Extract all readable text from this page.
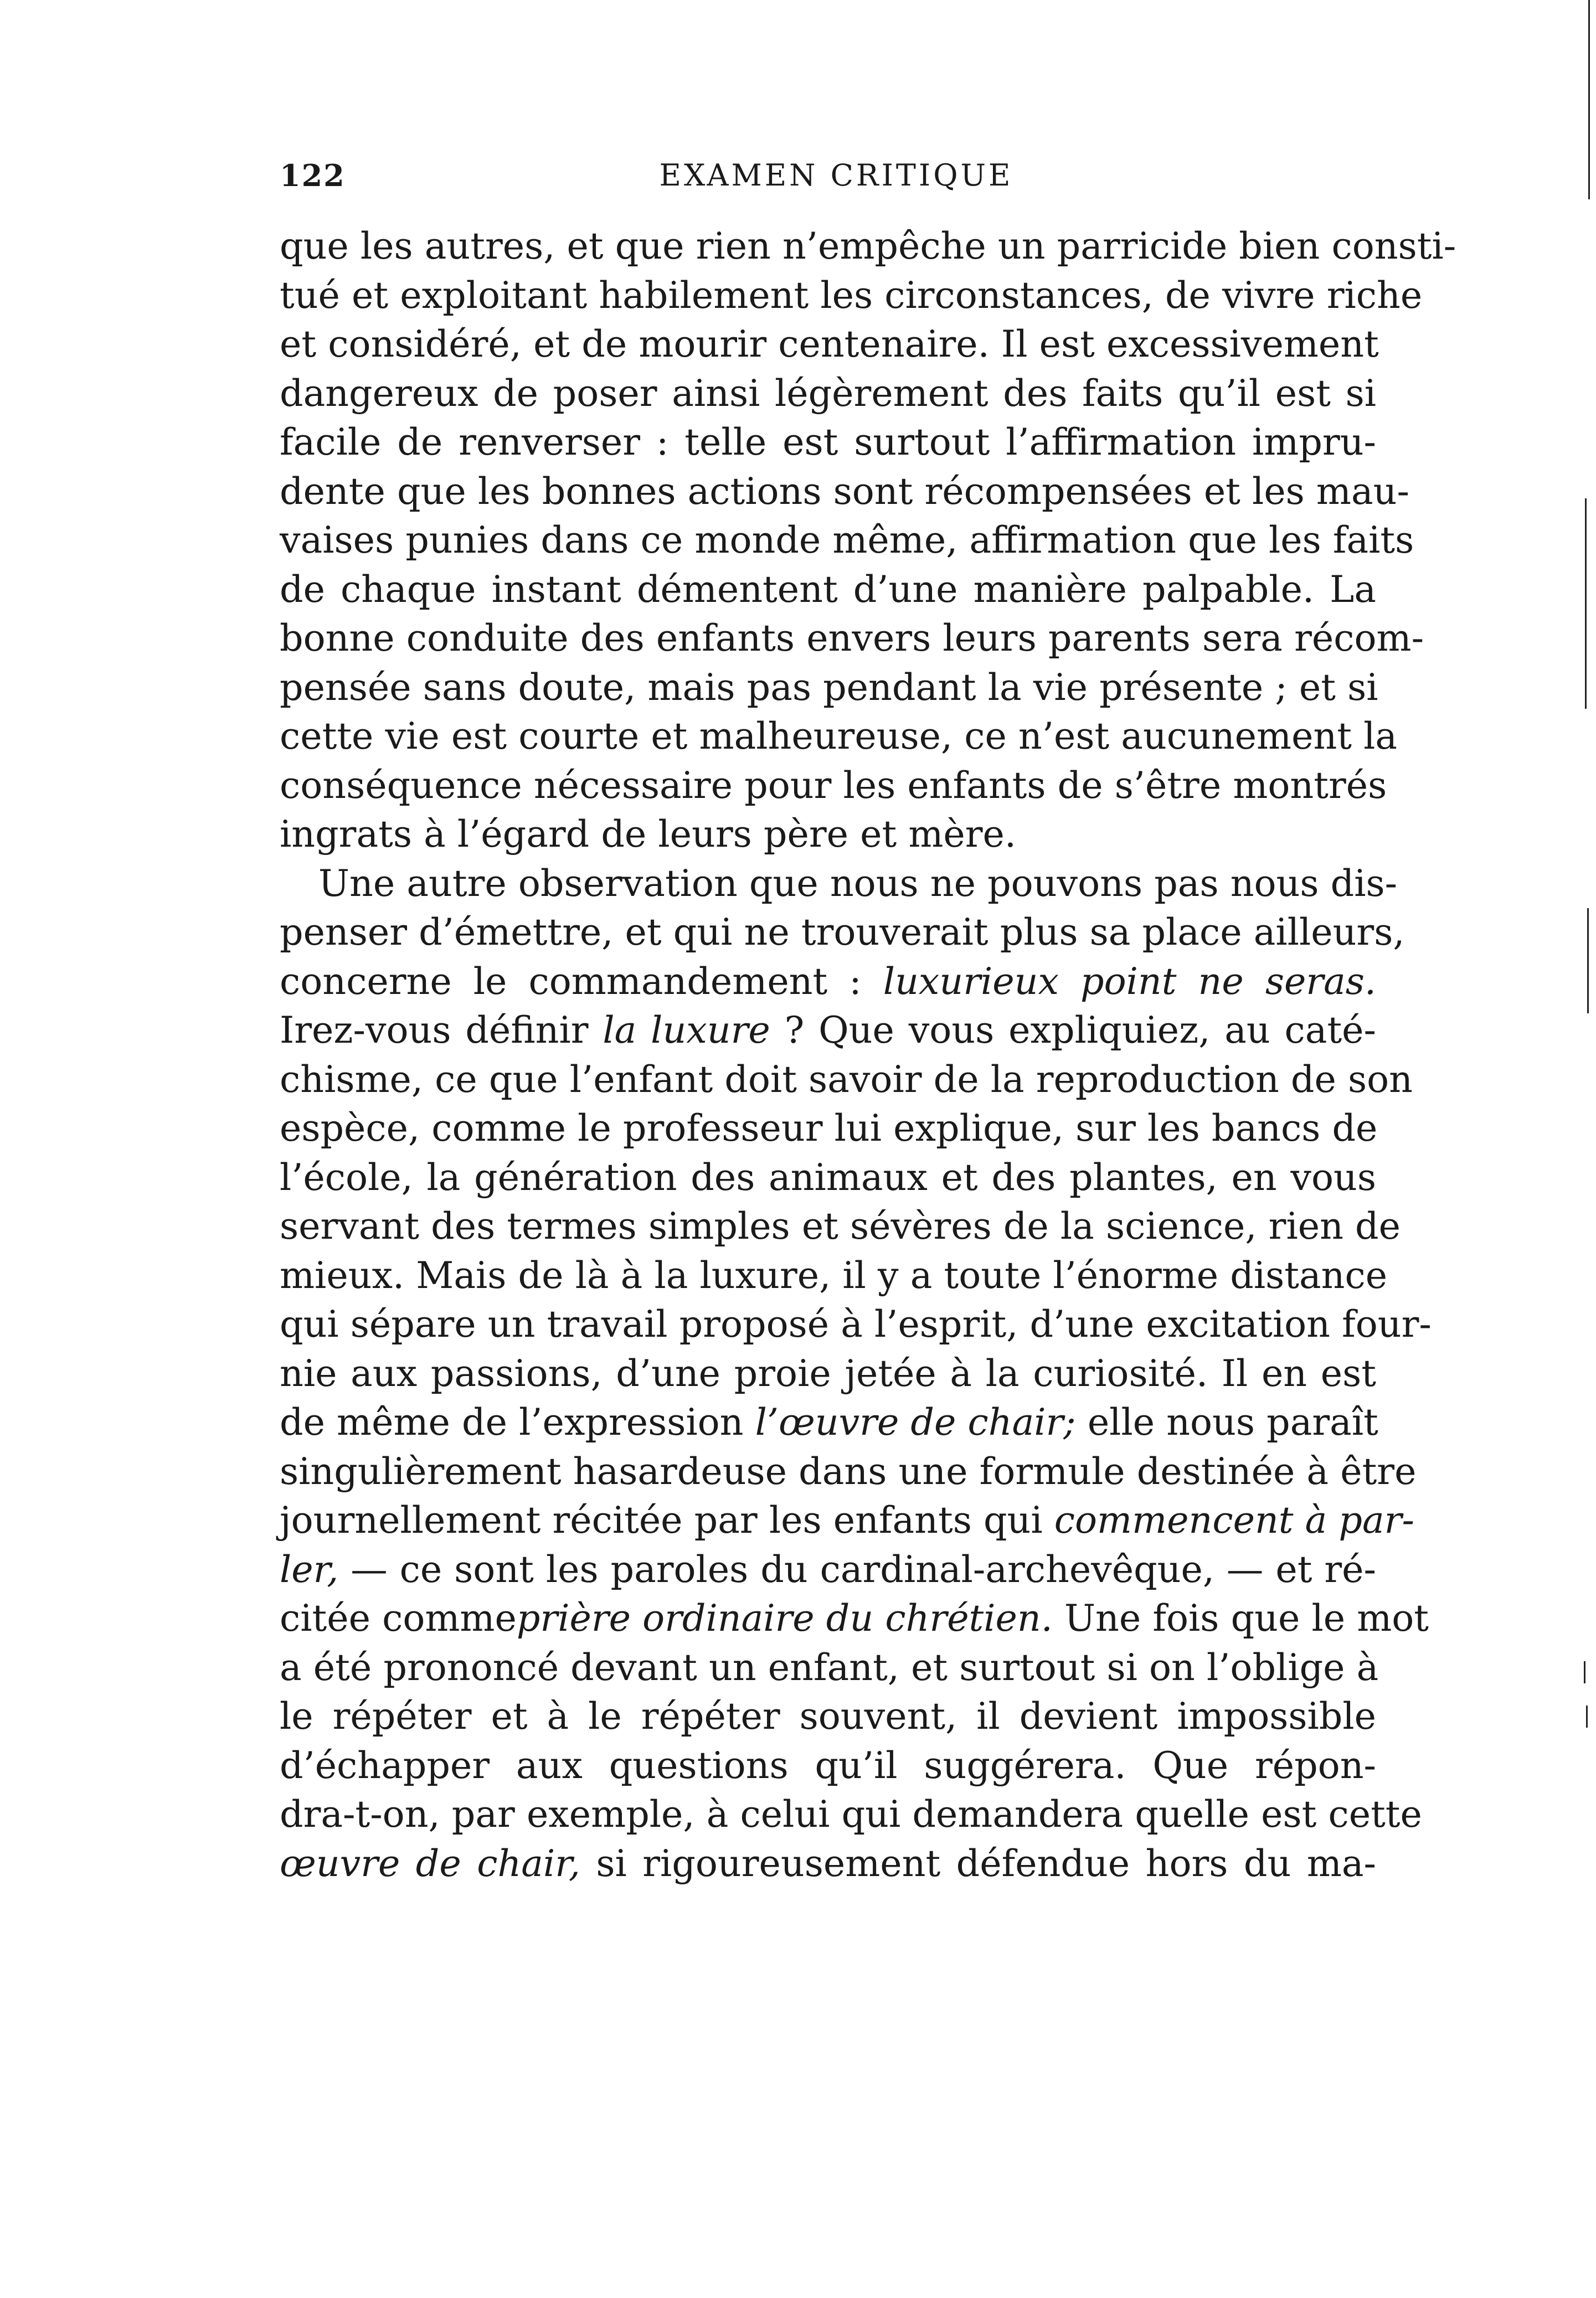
122	EXAMEN CRITIQUE
que les autres, et que rien n’empêche un parricide bien consti-
tué et exploitant habilement les circonstances, de vivre riche
et considéré, et de mourir centenaire. Il est excessivement
dangereux de poser ainsi légèrement des faits qu’il est si
facile de renverser : telle est surtout l’affirmation impru-
dente que les bonnes actions sont récompensées et les mau-
vaises punies dans ce monde même, affirmation que les faits
de chaque instant démentent d’une manière palpable. La
bonne conduite des enfants envers leurs parents sera récom-
pensée sans doute, mais pas pendant la vie présente ; et si
cette vie est courte et malheureuse, ce n’est aucunement la
conséquence nécessaire pour les enfants de s’être montrés
ingrats à l’égard de leurs père et mère.
Une autre observation que nous ne pouvons pas nous dis-
penser d’émettre, et qui ne trouverait plus sa place ailleurs,
concerne le commandement : luxurieux point ne seras.
Irez-vous définir la luxure ? Que vous expliquiez, au caté-
chisme, ce que l’enfant doit savoir de la reproduction de son
espèce, comme le professeur lui explique, sur les bancs de
l’école, la génération des animaux et des plantes, en vous
servant des termes simples et sévères de la science, rien de
mieux. Mais de là à la luxure, il y a toute l’énorme distance
qui sépare un travail proposé à l’esprit, d’une excitation four-
nie aux passions, d’une proie jetée à la curiosité. Il en est
de même de l’expression l’œuvre de chair; elle nous paraît
singulièrement hasardeuse dans une formule destinée à être
journellement récitée par les enfants qui commencent à par-
ler, — ce sont les paroles du cardinal-archevêque, — et ré-
citée commeprière ordinaire du chrétien. Une fois que le mot
a été prononcé devant un enfant, et surtout si on l’oblige à
le répéter et à le répéter souvent, il devient impossible
d’échapper aux questions qu’il suggérera. Que répon-
dra-t-on, par exemple, à celui qui demandera quelle est cette
œuvre de chair, si rigoureusement défendue hors du ma-
